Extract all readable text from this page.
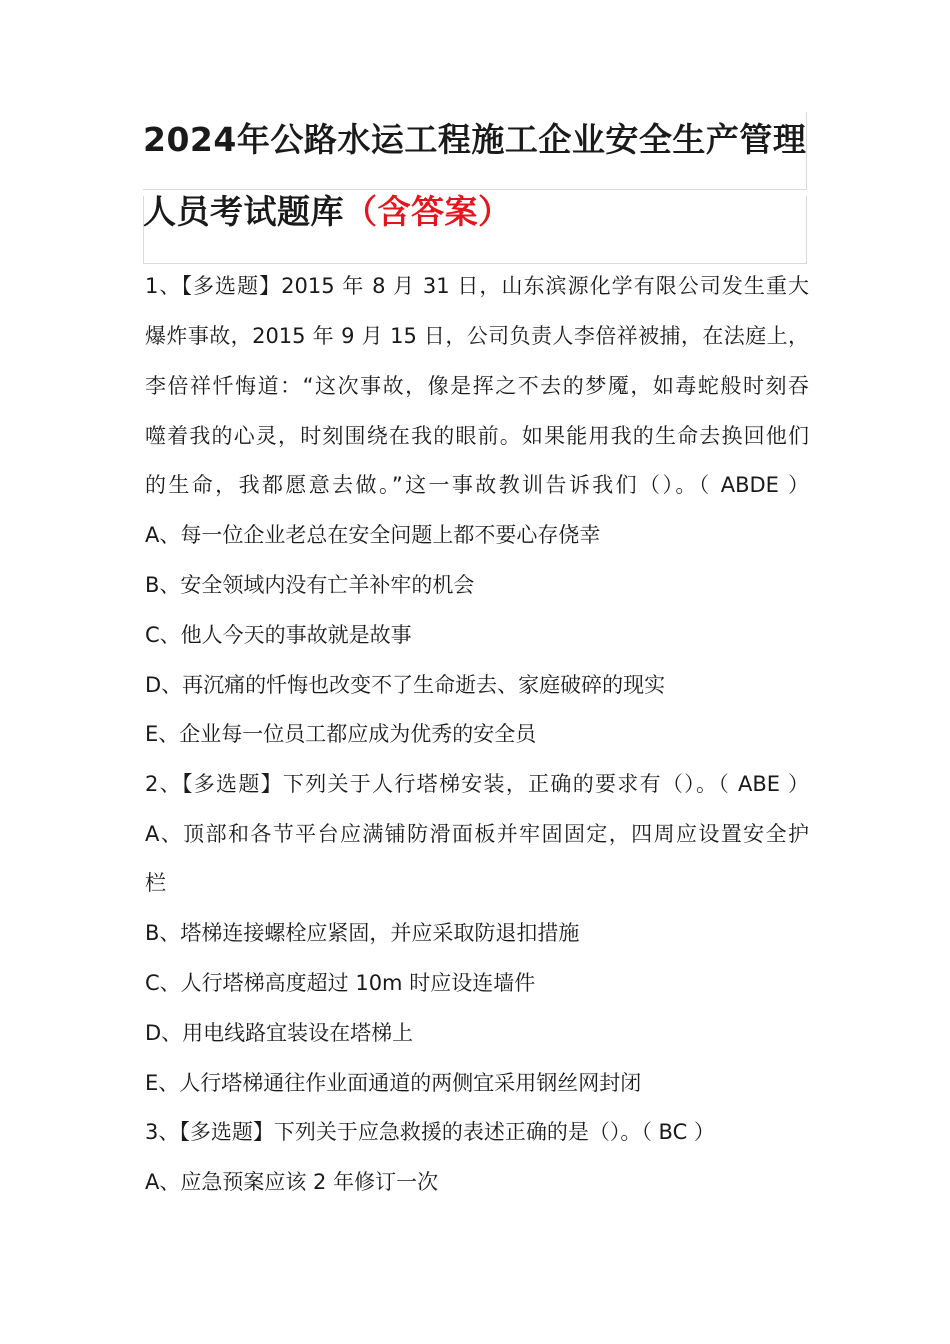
2024年公路水运工程施工企业安全生产管理
人员考试题库（含答案）
1、【多选题】2015 年 8 月 31 日，山东滨源化学有限公司发生重大
爆炸事故，2015 年 9 月 15 日，公司负责人李倍祥被捕，在法庭上，
李倍祥忏悔道：“这次事故，像是挥之不去的梦魇，如毒蛇般时刻吞
噬着我的心灵，时刻围绕在我的眼前。如果能用我的生命去换回他们
的生命，我都愿意去做。”这一事故教训告诉我们（）。（ ABDE ）
A、每一位企业老总在安全问题上都不要心存侥幸
B、安全领域内没有亡羊补牢的机会
C、他人今天的事故就是故事
D、再沉痛的忏悔也改变不了生命逝去、家庭破碎的现实
E、企业每一位员工都应成为优秀的安全员
2、【多选题】下列关于人行塔梯安装，正确的要求有（）。（ ABE ）
A、顶部和各节平台应满铺防滑面板并牢固固定，四周应设置安全护
栏
B、塔梯连接螺栓应紧固，并应采取防退扣措施
C、人行塔梯高度超过 10m 时应设连墙件
D、用电线路宜装设在塔梯上
E、人行塔梯通往作业面通道的两侧宜采用钢丝网封闭
3、【多选题】下列关于应急救援的表述正确的是（）。（ BC ）
A、应急预案应该 2 年修订一次
